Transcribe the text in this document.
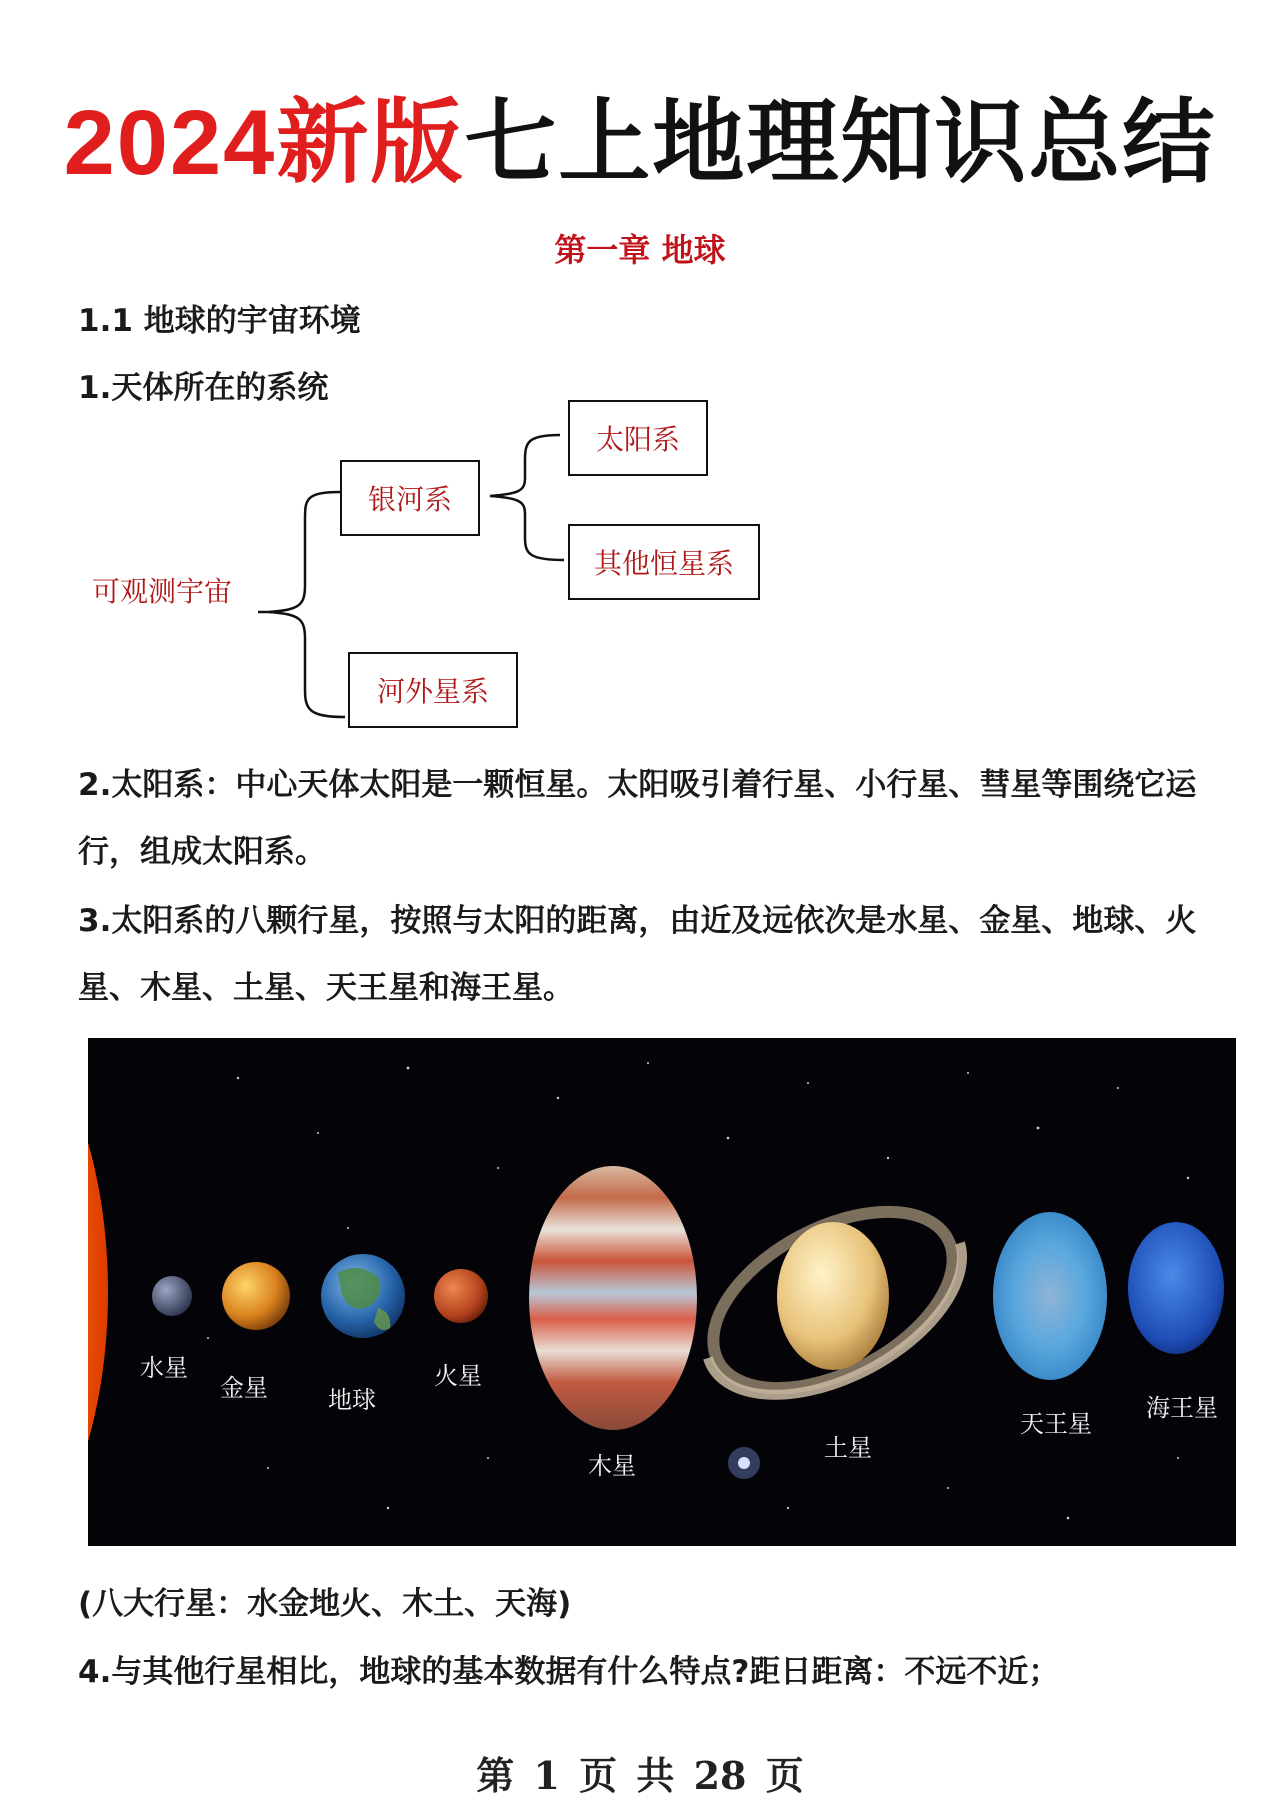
2024新版七上地理知识总结
第一章 地球
1.1 地球的宇宙环境
1.天体所在的系统
可观测宇宙
银河系
太阳系
其他恒星系
河外星系
2.太阳系：中心天体太阳是一颗恒星。太阳吸引着行星、小行星、彗星等围绕它运行，组成太阳系。
3.太阳系的八颗行星，按照与太阳的距离，由近及远依次是水星、金星、地球、火星、木星、土星、天王星和海王星。
水星
金星	地球
火星
木星
土星
天王星
海王星
(八大行星：水金地火、木土、天海)
4.与其他行星相比，地球的基本数据有什么特点?距日距离：不远不近；
第 1 页 共 28 页
